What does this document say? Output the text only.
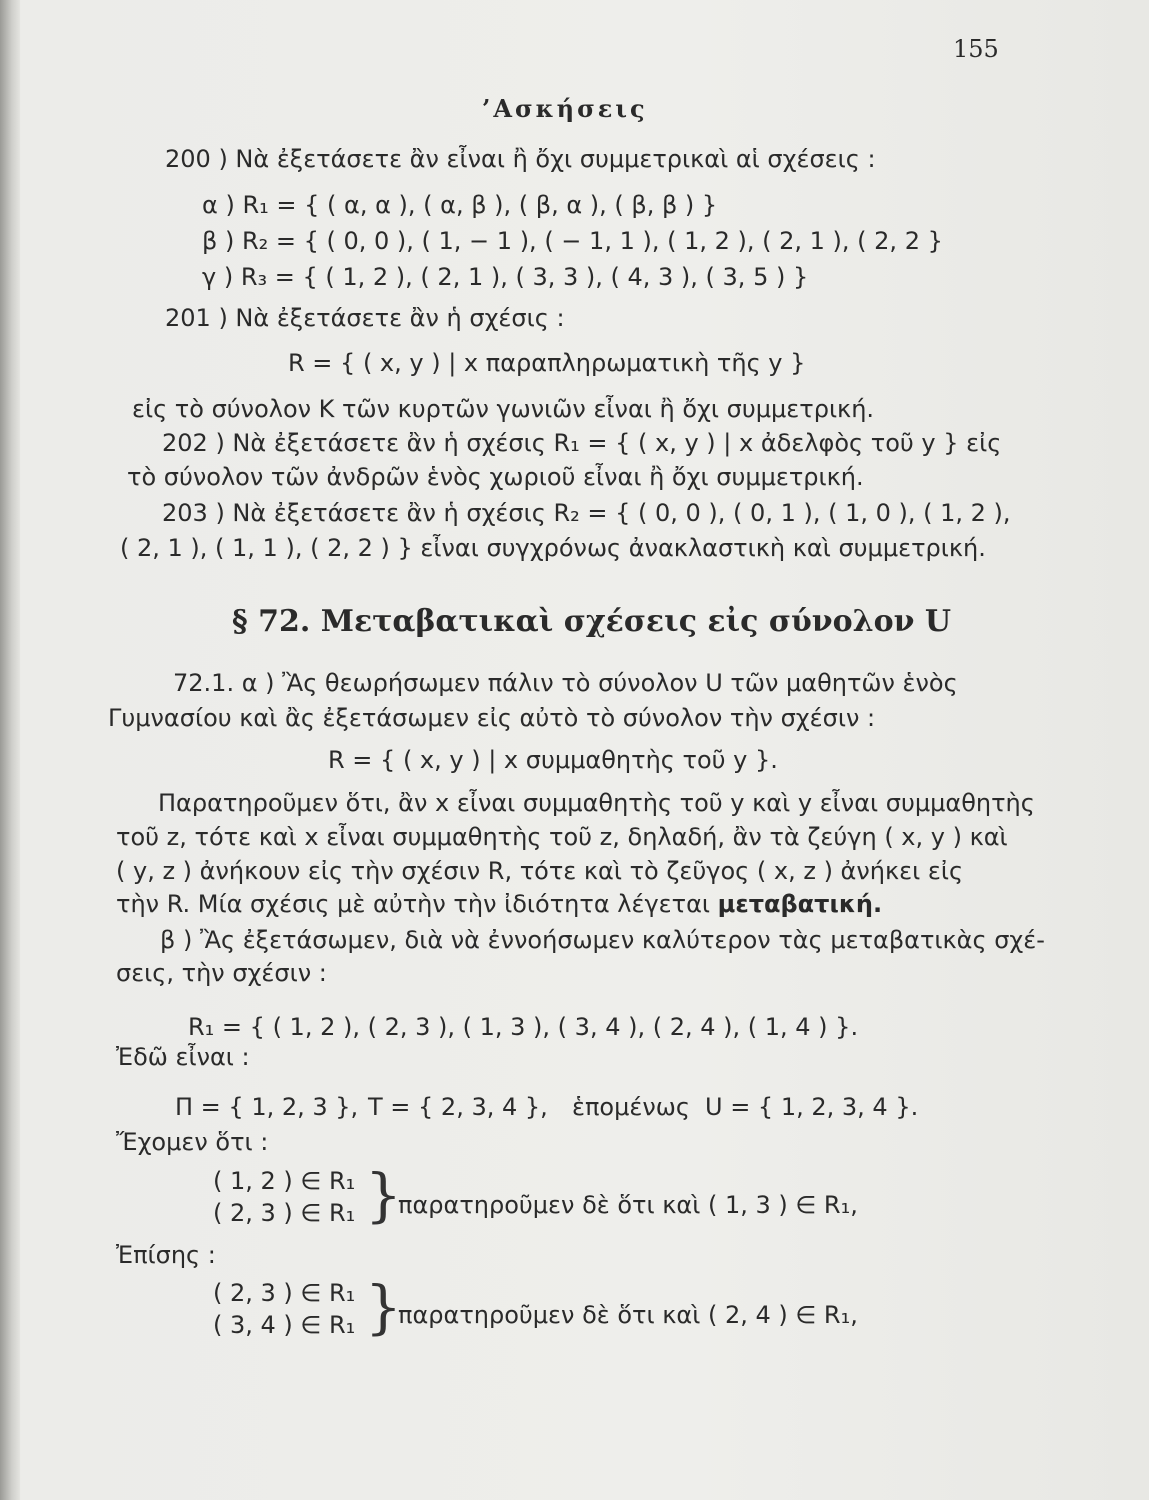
155
’Ασκήσεις
200 ) Νὰ ἐξετάσετε ἂν εἶναι ἢ ὄχι συμμετρικαὶ αἱ σχέσεις :
α ) R₁ = { ( α, α ), ( α, β ), ( β, α ), ( β, β ) }
β ) R₂ = { ( 0, 0 ), ( 1, − 1 ), ( − 1, 1 ), ( 1, 2 ), ( 2, 1 ), ( 2, 2 }
γ ) R₃ = { ( 1, 2 ), ( 2, 1 ), ( 3, 3 ), ( 4, 3 ), ( 3, 5 ) }
201 ) Νὰ ἐξετάσετε ἂν ἡ σχέσις :
R = { ( x, y ) | x παραπληρωματικὴ τῆς y }
εἰς τὸ σύνολον Κ τῶν κυρτῶν γωνιῶν εἶναι ἢ ὄχι συμμετρική.
202 ) Νὰ ἐξετάσετε ἂν ἡ σχέσις R₁ = { ( x, y ) | x ἀδελφὸς τοῦ y } εἰς
τὸ σύνολον τῶν ἀνδρῶν ἑνὸς χωριοῦ εἶναι ἢ ὄχι συμμετρική.
203 ) Νὰ ἐξετάσετε ἂν ἡ σχέσις R₂ = { ( 0, 0 ), ( 0, 1 ), ( 1, 0 ), ( 1, 2 ),
( 2, 1 ), ( 1, 1 ), ( 2, 2 ) } εἶναι συγχρόνως ἀνακλαστικὴ καὶ συμμετρική.
§ 72. Μεταβατικαὶ σχέσεις εἰς σύνολον U
72.1. α ) Ἂς θεωρήσωμεν πάλιν τὸ σύνολον U τῶν μαθητῶν ἑνὸς
Γυμνασίου καὶ ἂς ἐξετάσωμεν εἰς αὐτὸ τὸ σύνολον τὴν σχέσιν :
R = { ( x, y ) | x συμμαθητὴς τοῦ y }.
Παρατηροῦμεν ὅτι, ἂν x εἶναι συμμαθητὴς τοῦ y καὶ y εἶναι συμμαθητὴς
τοῦ z, τότε καὶ x εἶναι συμμαθητὴς τοῦ z, δηλαδή, ἂν τὰ ζεύγη ( x, y ) καὶ
( y, z ) ἀνήκουν εἰς τὴν σχέσιν R, τότε καὶ τὸ ζεῦγος ( x, z ) ἀνήκει εἰς
τὴν R. Μία σχέσις μὲ αὐτὴν τὴν ἰδιότητα λέγεται μεταβατική.
β ) Ἂς ἐξετάσωμεν, διὰ νὰ ἐννοήσωμεν καλύτερον τὰς μεταβατικὰς σχέ-
σεις, τὴν σχέσιν :
R₁ = { ( 1, 2 ), ( 2, 3 ), ( 1, 3 ), ( 3, 4 ), ( 2, 4 ), ( 1, 4 ) }.
Ἐδῶ εἶναι :
Π = { 1, 2, 3 }, Τ = { 2, 3, 4 }, ἑπομένως U = { 1, 2, 3, 4 }.
Ἔχομεν ὅτι :
( 1, 2 ) ∈ R₁
( 2, 3 ) ∈ R₁ }
παρατηροῦμεν δὲ ὅτι καὶ ( 1, 3 ) ∈ R₁,
Ἐπίσης :
( 2, 3 ) ∈ R₁
( 3, 4 ) ∈ R₁ }
παρατηροῦμεν δὲ ὅτι καὶ ( 2, 4 ) ∈ R₁,
